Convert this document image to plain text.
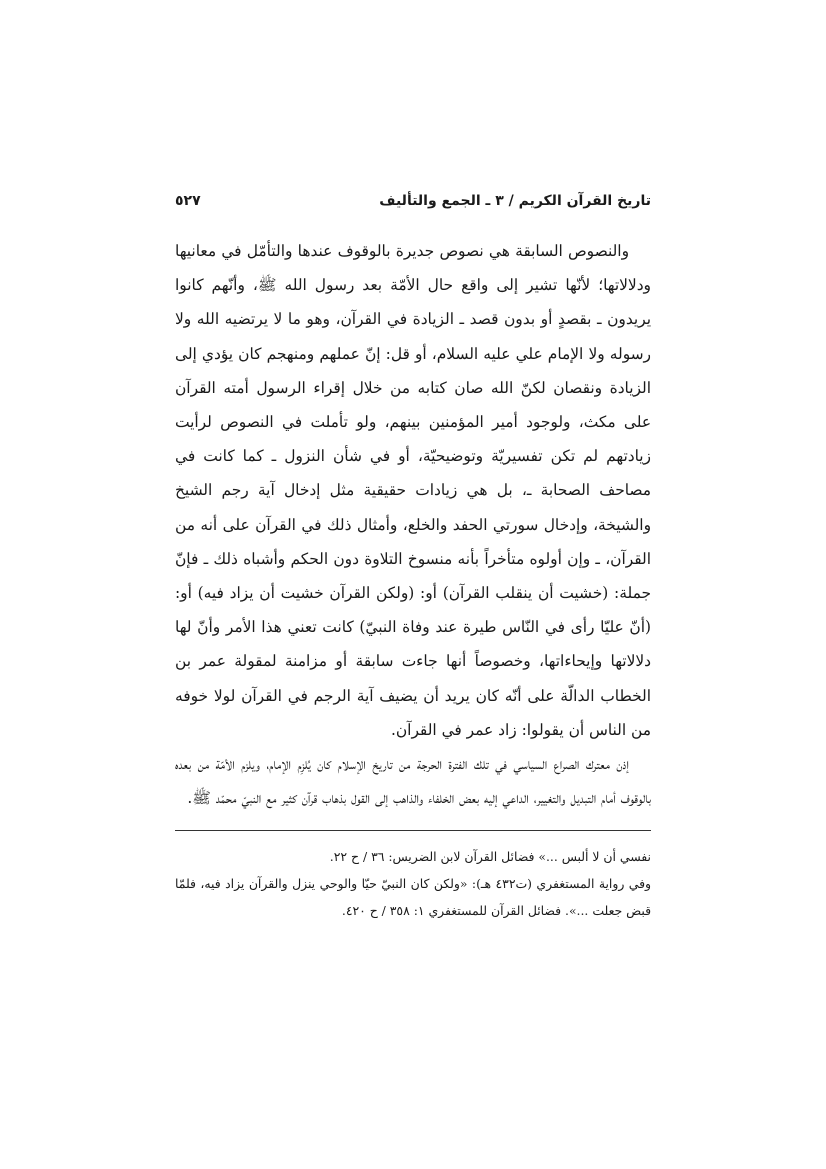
تاريخ القرآن الكريم / ٣ ـ الجمع والتأليف
٥٢٧

والنصوص السابقة هي نصوص جديرة بالوقوف عندها والتأمّل في معانيها ودلالاتها؛ لأنّها تشير إلى واقع حال الأمّة بعد رسول الله ﷺ، وأنّهم كانوا يريدون ـ بقصدٍ أو بدون قصد ـ الزيادة في القرآن، وهو ما لا يرتضيه الله ولا رسوله ولا الإمام علي عليه السلام، أو قل: إنّ عملهم ومنهجم كان يؤدي إلى الزيادة ونقصان لكنّ الله صان كتابه من خلال إقراء الرسول أمته القرآن على مكث، ولوجود أمير المؤمنين بينهم، ولو تأملت في النصوص لرأيت زيادتهم لم تكن تفسيريّة وتوضيحيّة، أو في شأن النزول ـ كما كانت في مصاحف الصحابة ـ، بل هي زيادات حقيقية مثل إدخال آية رجم الشيخ والشيخة، وإدخال سورتي الحفد والخلع، وأمثال ذلك في القرآن على أنه من القرآن، ـ وإن أولوه متأخراً بأنه منسوخ التلاوة دون الحكم وأشباه ذلك ـ فإنّ جملة: (خشيت أن ينقلب القرآن) أو: (ولكن القرآن خشيت أن يزاد فيه) أو: (أنّ عليّا رأى في النّاس طيرة عند وفاة النبيّ) كانت تعني هذا الأمر وأنّ لها دلالاتها وإيحاءاتها، وخصوصاً أنها جاءت سابقة أو مزامنة لمقولة عمر بن الخطاب الدالّة على أنّه كان يريد أن يضيف آية الرجم في القرآن لولا خوفه من الناس أن يقولوا: زاد عمر في القرآن.

إذن معترك الصراع السياسي في تلك الفترة الحرجة من تاريخ الإسلام كان يُلزِم الإمام، ويلزم الأمّة من بعده بالوقوف أمام التبديل والتغيير، الداعي إليه بعض الخلفاء والذاهب إلى القول بذهاب قرآن كثير مع النبيّ محمّد ﷺ.

نفسي أن لا ألبس ...» فضائل القرآن لابن الضريس: ٣٦ / ح ٢٢.

وفي رواية المستغفري (ت٤٣٢ هـ): «ولكن كان النبيّ حيّا والوحي ينزل والقرآن يزاد فيه، فلمّا قبض جعلت ...». فضائل القرآن للمستغفري ١: ٣٥٨ / ح ٤٢٠.
